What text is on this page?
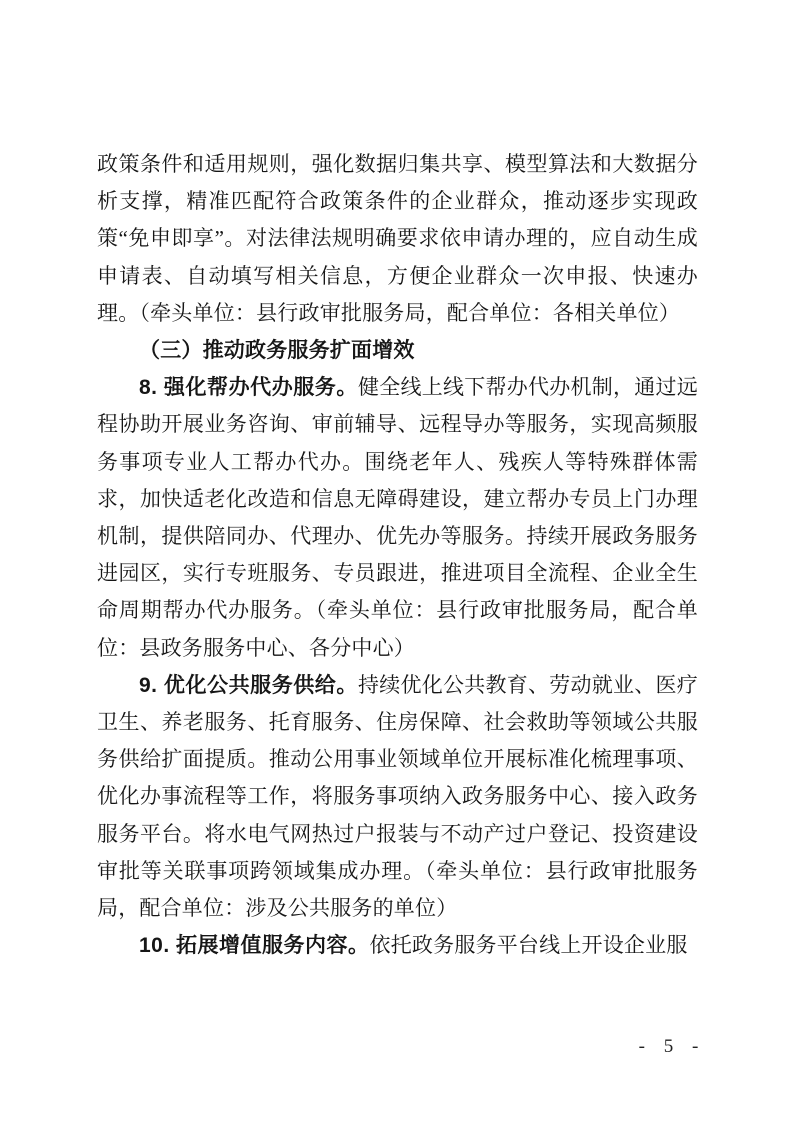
政策条件和适用规则，强化数据归集共享、模型算法和大数据分析支撑，精准匹配符合政策条件的企业群众，推动逐步实现政策“免申即享”。对法律法规明确要求依申请办理的，应自动生成申请表、自动填写相关信息，方便企业群众一次申报、快速办理。（牵头单位：县行政审批服务局，配合单位：各相关单位）

（三）推动政务服务扩面增效

8. 强化帮办代办服务。健全线上线下帮办代办机制，通过远程协助开展业务咨询、审前辅导、远程导办等服务，实现高频服务事项专业人工帮办代办。围绕老年人、残疾人等特殊群体需求，加快适老化改造和信息无障碍建设，建立帮办专员上门办理机制，提供陪同办、代理办、优先办等服务。持续开展政务服务进园区，实行专班服务、专员跟进，推进项目全流程、企业全生命周期帮办代办服务。（牵头单位：县行政审批服务局，配合单位：县政务服务中心、各分中心）

9. 优化公共服务供给。持续优化公共教育、劳动就业、医疗卫生、养老服务、托育服务、住房保障、社会救助等领域公共服务供给扩面提质。推动公用事业领域单位开展标准化梳理事项、优化办事流程等工作，将服务事项纳入政务服务中心、接入政务服务平台。将水电气网热过户报装与不动产过户登记、投资建设审批等关联事项跨领域集成办理。（牵头单位：县行政审批服务局，配合单位：涉及公共服务的单位）

10. 拓展增值服务内容。依托政务服务平台线上开设企业服

- 5 -
